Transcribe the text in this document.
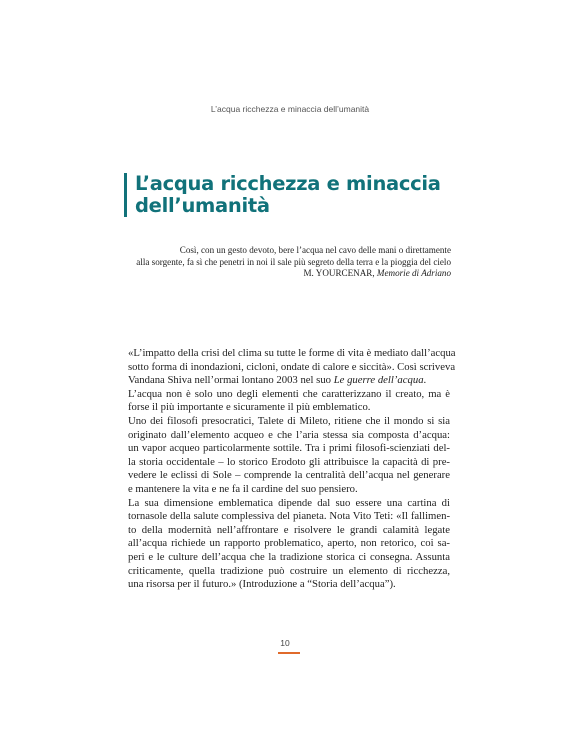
L’acqua ricchezza e minaccia dell’umanità
L’acqua ricchezza e minaccia
dell’umanità
Così, con un gesto devoto, bere l’acqua nel cavo delle mani o direttamente
alla sorgente, fa sì che penetri in noi il sale più segreto della terra e la pioggia del cielo
M. YOURCENAR, Memorie di Adriano

«L’impatto della crisi del clima su tutte le forme di vita è mediato dall’acqua
sotto forma di inondazioni, cicloni, ondate di calore e siccità». Così scriveva
Vandana Shiva nell’ormai lontano 2003 nel suo Le guerre dell’acqua.

L’acqua non è solo uno degli elementi che caratterizzano il creato, ma è
forse il più importante e sicuramente il più emblematico.

Uno dei filosofi presocratici, Talete di Mileto, ritiene che il mondo si sia
originato dall’elemento acqueo e che l’aria stessa sia composta d’acqua:
un vapor acqueo particolarmente sottile. Tra i primi filosofi-scienziati del-
la storia occidentale – lo storico Erodoto gli attribuisce la capacità di pre-
vedere le eclissi di Sole – comprende la centralità dell’acqua nel generare
e mantenere la vita e ne fa il cardine del suo pensiero.

La sua dimensione emblematica dipende dal suo essere una cartina di
tornasole della salute complessiva del pianeta. Nota Vito Teti: «Il fallimen-
to della modernità nell’affrontare e risolvere le grandi calamità legate
all’acqua richiede un rapporto problematico, aperto, non retorico, coi sa-
peri e le culture dell’acqua che la tradizione storica ci consegna. Assunta
criticamente, quella tradizione può costruire un elemento di ricchezza,
una risorsa per il futuro.» (Introduzione a “Storia dell’acqua”).

10
